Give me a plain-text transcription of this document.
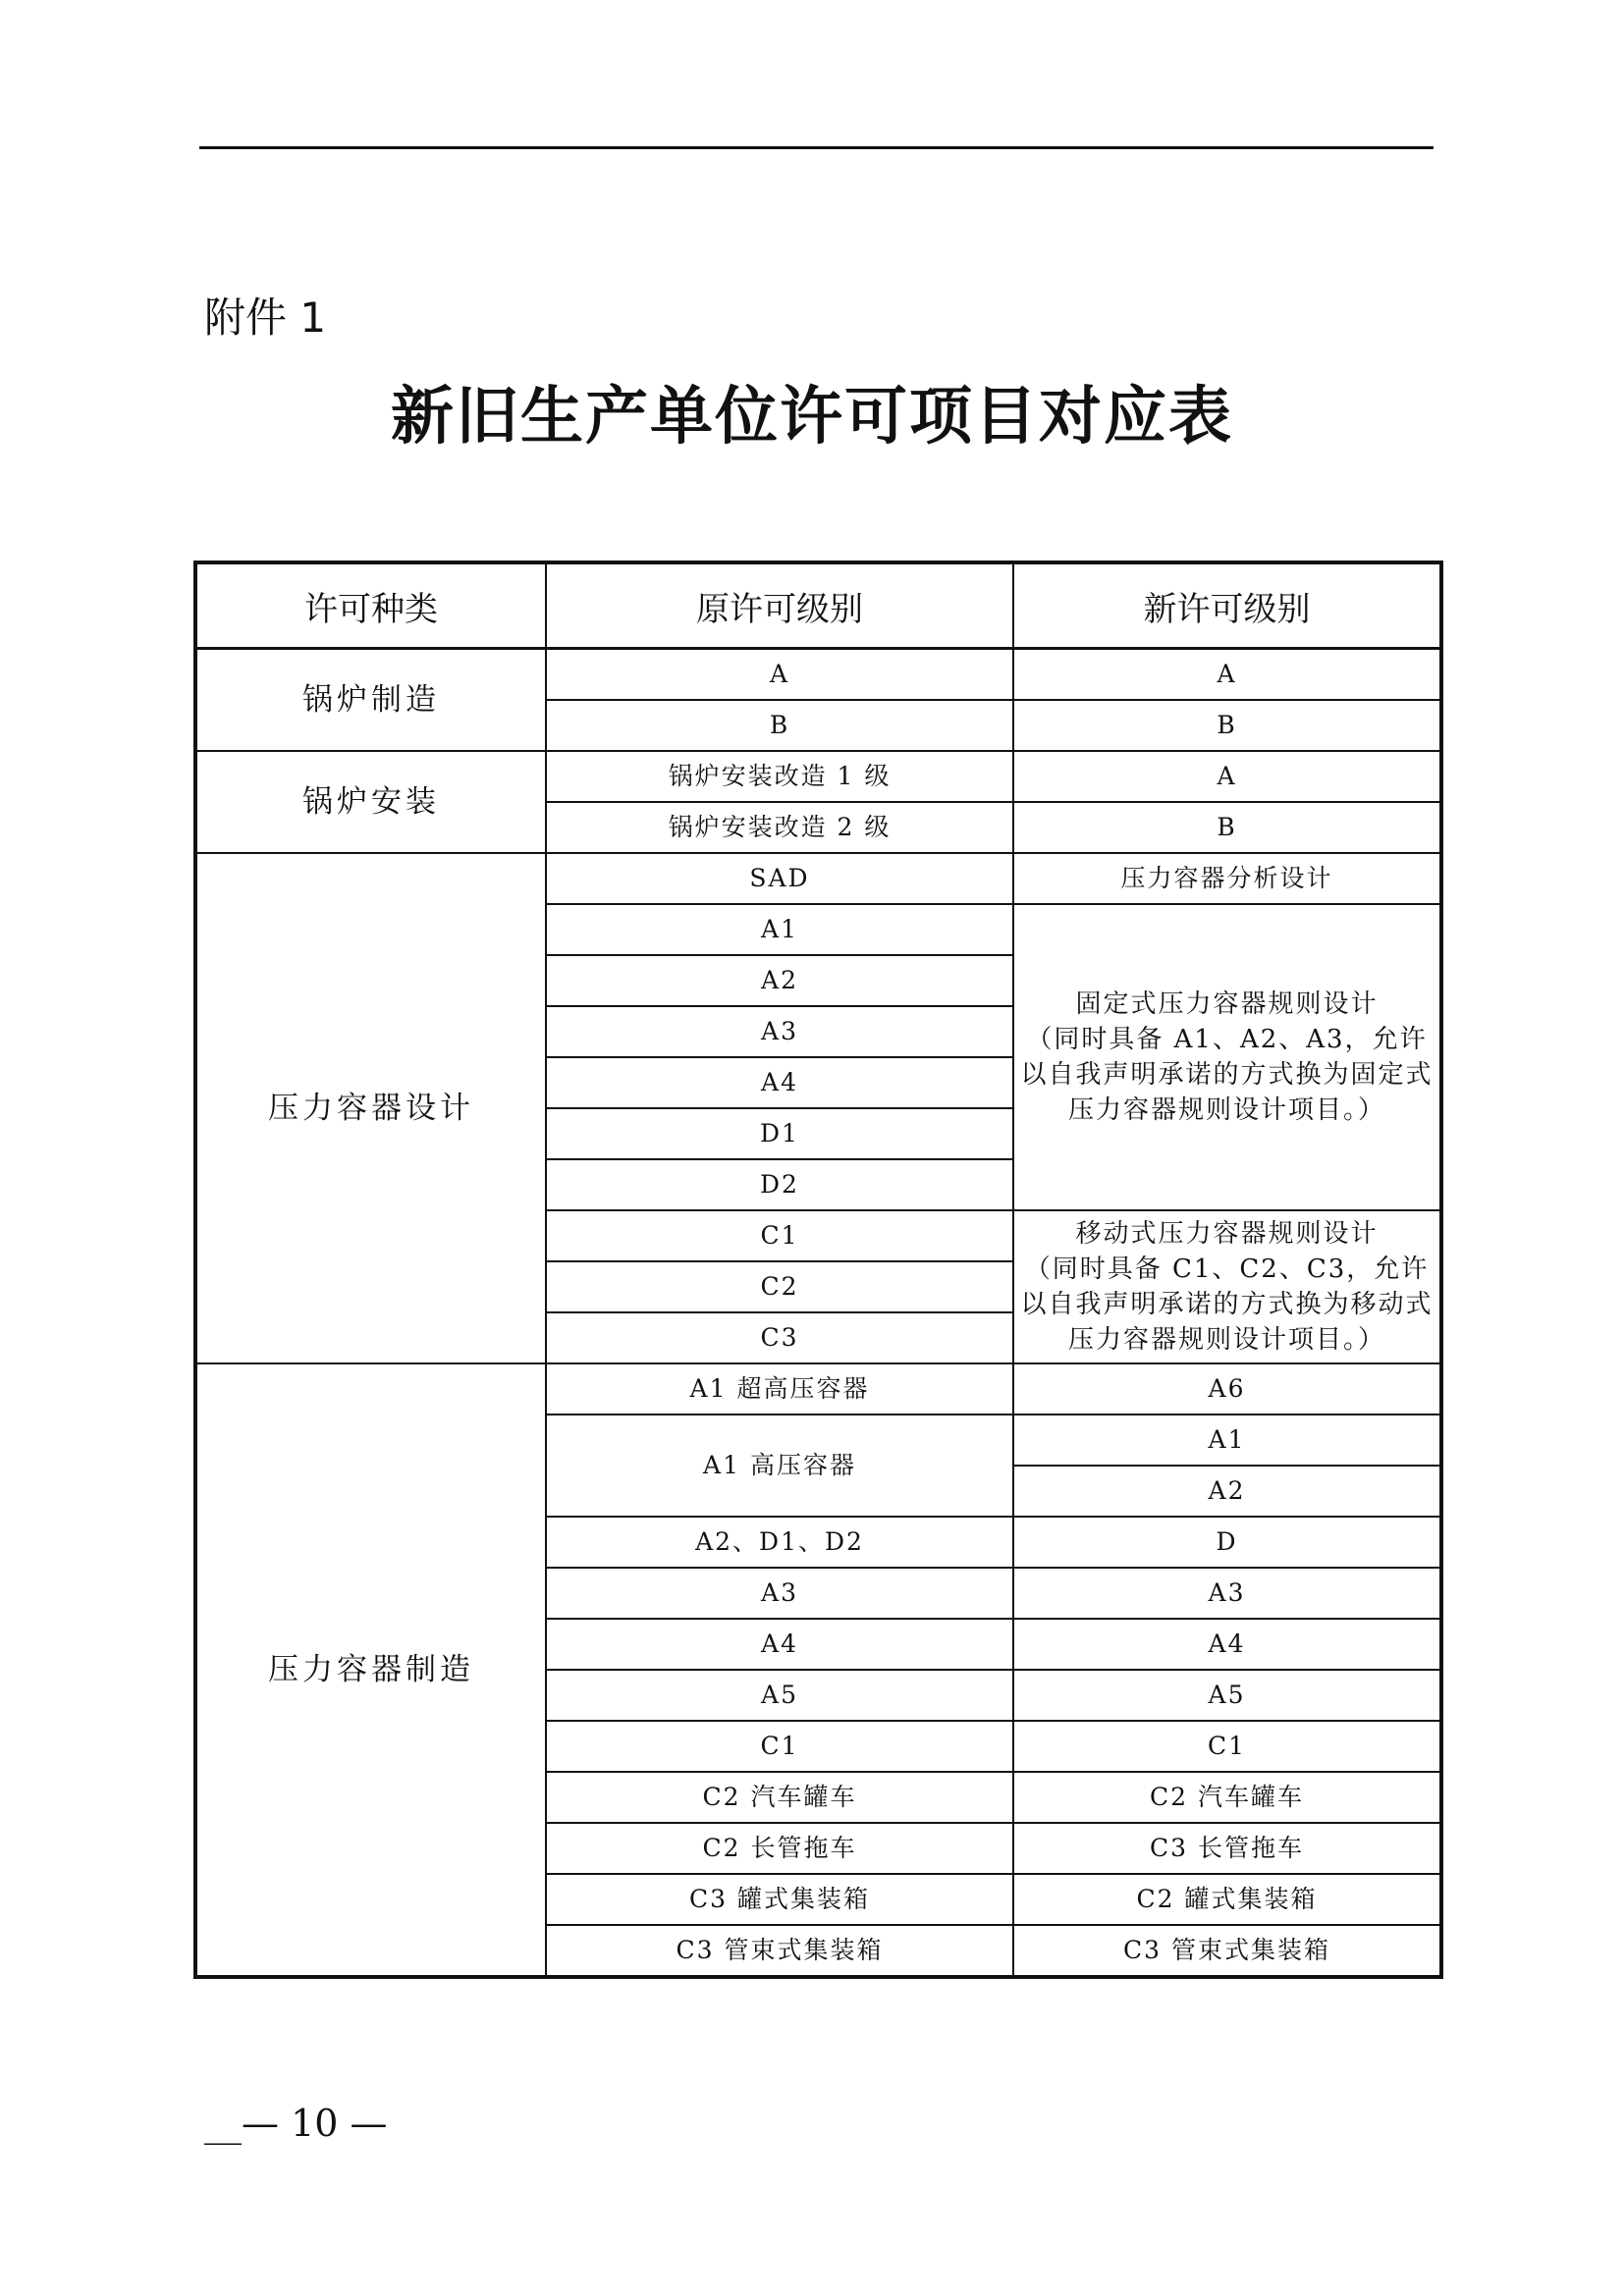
附件 1
新旧生产单位许可项目对应表
许可种类	原许可级别	新许可级别
锅炉制造	A	A
	B	B
锅炉安装	锅炉安装改造 1 级	A
	锅炉安装改造 2 级	B
压力容器设计	SAD	压力容器分析设计
	A1	固定式压力容器规则设计
（同时具备 A1、A2、A3，允许以自我声明承诺的方式换为固定式压力容器规则设计项目。）

	A2	
	A3	
	A4	
	D1	
	D2	
	C1	移动式压力容器规则设计
（同时具备 C1、C2、C3，允许以自我声明承诺的方式换为移动式压力容器规则设计项目。）

	C2	
	C3	
压力容器制造	A1 超高压容器	A6
	A1 高压容器	A1
		A2
	A2、D1、D2	D
	A3	A3
	A4	A4
	A5	A5
	C1	C1
	C2 汽车罐车	C2 汽车罐车
	C2 长管拖车	C3 长管拖车
	C3 罐式集装箱	C2 罐式集装箱
	C3 管束式集装箱	C3 管束式集装箱
__— 10 —
